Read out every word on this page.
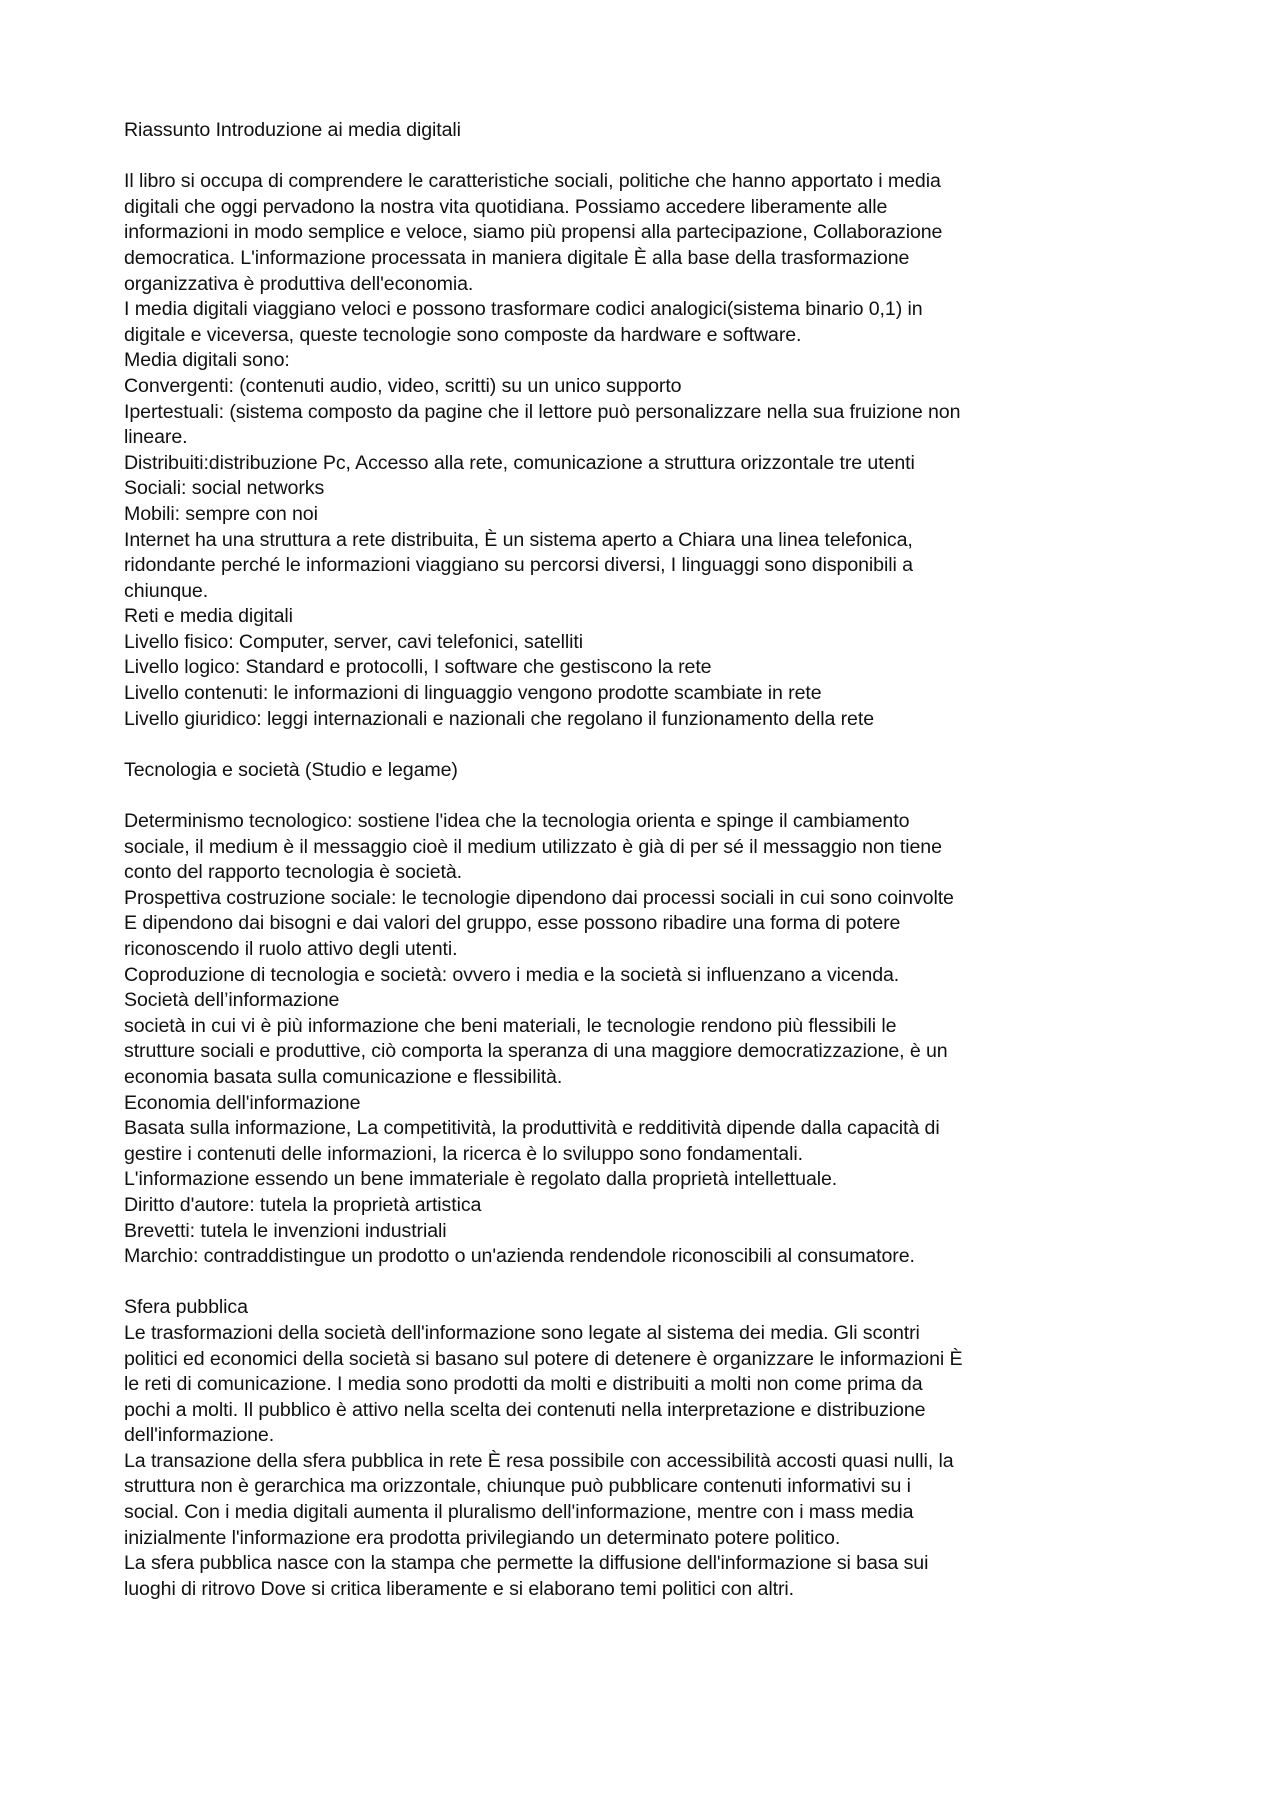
Riassunto Introduzione ai media digitali
Il libro si occupa di comprendere le caratteristiche sociali, politiche che hanno apportato i media
digitali che oggi pervadono la nostra vita quotidiana. Possiamo accedere liberamente alle
informazioni in modo semplice e veloce, siamo più propensi alla partecipazione, Collaborazione
democratica. L'informazione processata in maniera digitale È alla base della trasformazione
organizzativa è produttiva dell'economia.
I media digitali viaggiano veloci e possono trasformare codici analogici(sistema binario 0,1) in
digitale e viceversa, queste tecnologie sono composte da hardware e software.
Media digitali sono:
Convergenti: (contenuti audio, video, scritti) su un unico supporto
Ipertestuali: (sistema composto da pagine che il lettore può personalizzare nella sua fruizione non
lineare.
Distribuiti:distribuzione Pc, Accesso alla rete, comunicazione a struttura orizzontale tre utenti
Sociali: social networks
Mobili: sempre con noi
Internet ha una struttura a rete distribuita, È un sistema aperto a Chiara una linea telefonica,
ridondante perché le informazioni viaggiano su percorsi diversi, I linguaggi sono disponibili a
chiunque.
Reti e media digitali
Livello fisico: Computer, server, cavi telefonici, satelliti
Livello logico: Standard e protocolli, I software che gestiscono la rete
Livello contenuti: le informazioni di linguaggio vengono prodotte scambiate in rete
Livello giuridico: leggi internazionali e nazionali che regolano il funzionamento della rete
Tecnologia e società (Studio e legame)
Determinismo tecnologico: sostiene l'idea che la tecnologia orienta e spinge il cambiamento
sociale, il medium è il messaggio cioè il medium utilizzato è già di per sé il messaggio non tiene
conto del rapporto tecnologia è società.
Prospettiva costruzione sociale: le tecnologie dipendono dai processi sociali in cui sono coinvolte
E dipendono dai bisogni e dai valori del gruppo, esse possono ribadire una forma di potere
riconoscendo il ruolo attivo degli utenti.
Coproduzione di tecnologia e società: ovvero i media e la società si influenzano a vicenda.
Società dell’informazione
società in cui vi è più informazione che beni materiali, le tecnologie rendono più flessibili le
strutture sociali e produttive, ciò comporta la speranza di una maggiore democratizzazione, è un
economia basata sulla comunicazione e flessibilità.
Economia dell'informazione
Basata sulla informazione, La competitività, la produttività e redditività dipende dalla capacità di
gestire i contenuti delle informazioni, la ricerca è lo sviluppo sono fondamentali.
L'informazione essendo un bene immateriale è regolato dalla proprietà intellettuale.
Diritto d'autore: tutela la proprietà artistica
Brevetti: tutela le invenzioni industriali
Marchio: contraddistingue un prodotto o un'azienda rendendole riconoscibili al consumatore.
Sfera pubblica
Le trasformazioni della società dell'informazione sono legate al sistema dei media. Gli scontri
politici ed economici della società si basano sul potere di detenere è organizzare le informazioni È
le reti di comunicazione. I media sono prodotti da molti e distribuiti a molti non come prima da
pochi a molti. Il pubblico è attivo nella scelta dei contenuti nella interpretazione e distribuzione
dell'informazione.
La transazione della sfera pubblica in rete È resa possibile con accessibilità accosti quasi nulli, la
struttura non è gerarchica ma orizzontale, chiunque può pubblicare contenuti informativi su i
social. Con i media digitali aumenta il pluralismo dell'informazione, mentre con i mass media
inizialmente l'informazione era prodotta privilegiando un determinato potere politico.
La sfera pubblica nasce con la stampa che permette la diffusione dell'informazione si basa sui
luoghi di ritrovo Dove si critica liberamente e si elaborano temi politici con altri.
